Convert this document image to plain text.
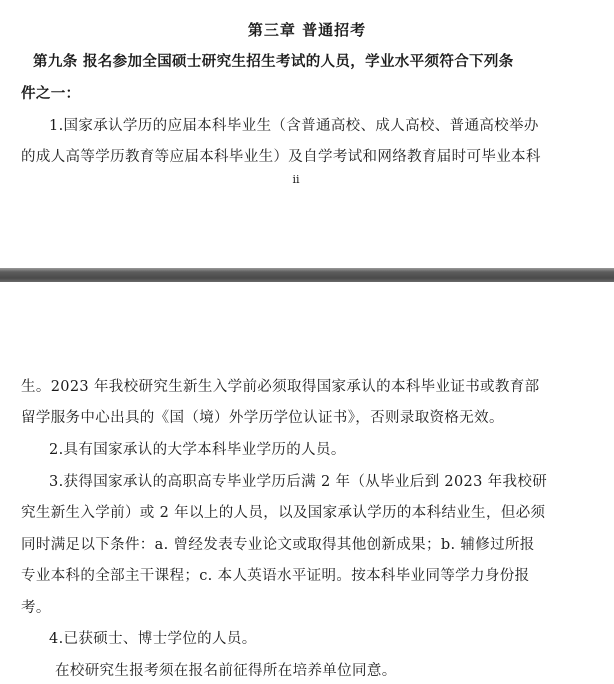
第三章 普通招考
第九条 报名参加全国硕士研究生招生考试的人员，学业水平须符合下列条
件之一：
1.国家承认学历的应届本科毕业生（含普通高校、成人高校、普通高校举办
的成人高等学历教育等应届本科毕业生）及自学考试和网络教育届时可毕业本科
ii
生。2023 年我校研究生新生入学前必须取得国家承认的本科毕业证书或教育部
留学服务中心出具的《国（境）外学历学位认证书》，否则录取资格无效。
2.具有国家承认的大学本科毕业学历的人员。
3.获得国家承认的高职高专毕业学历后满 2 年（从毕业后到 2023 年我校研
究生新生入学前）或 2 年以上的人员，以及国家承认学历的本科结业生，但必须
同时满足以下条件：a. 曾经发表专业论文或取得其他创新成果；b. 辅修过所报
专业本科的全部主干课程；c. 本人英语水平证明。按本科毕业同等学力身份报
考。
4.已获硕士、博士学位的人员。
在校研究生报考须在报名前征得所在培养单位同意。
